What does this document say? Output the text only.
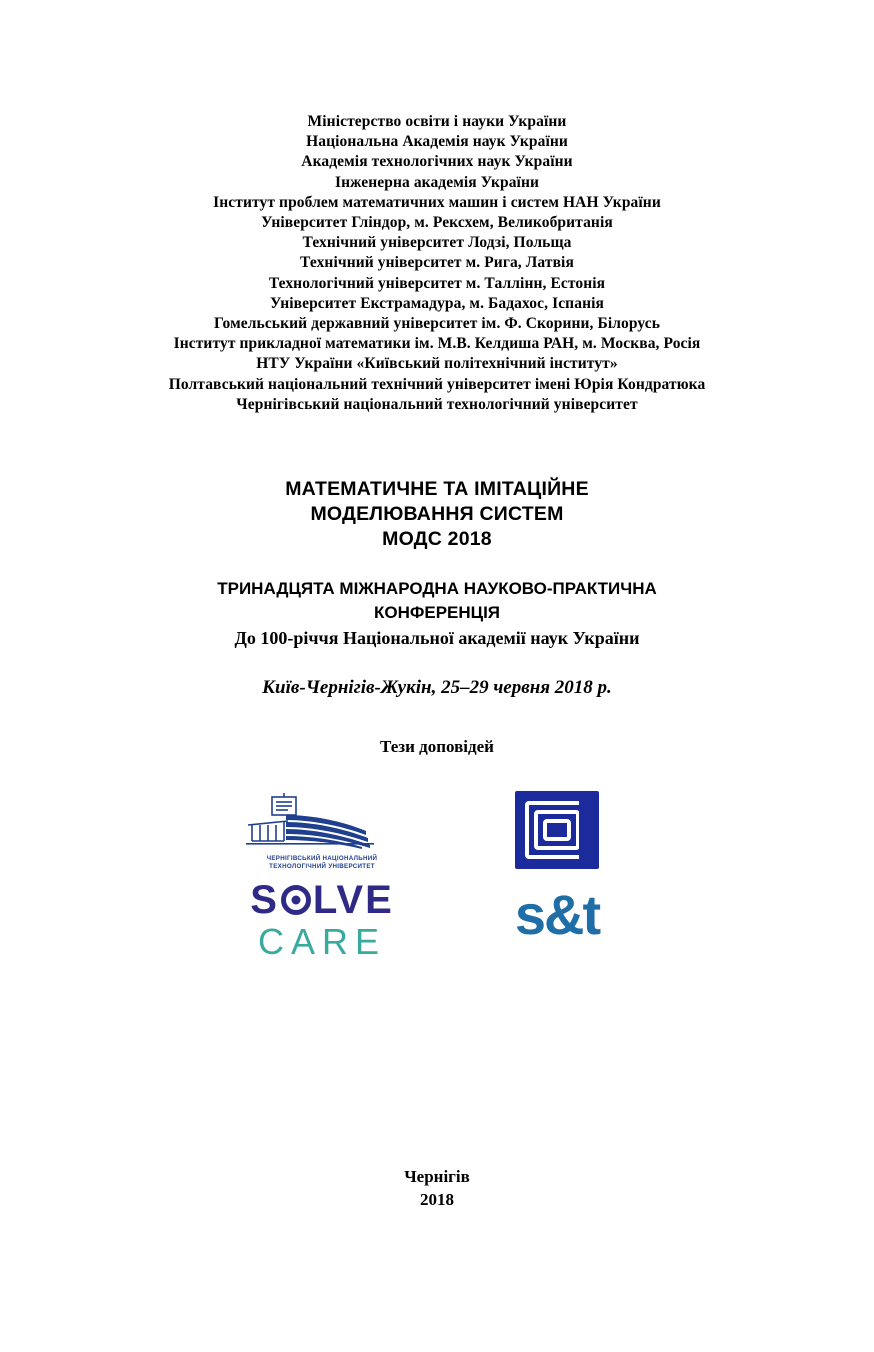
Міністерство освіти і науки України
Національна Академія наук України
Академія технологічних наук України
Інженерна академія України
Інститут проблем математичних машин і систем НАН України
Університет Гліндор, м. Рексхем, Великобританія
Технічний університет Лодзі, Польща
Технічний університет м. Рига, Латвія
Технологічний університет м. Таллінн, Естонія
Університет Екстрамадура, м. Бадахос, Іспанія
Гомельський державний університет ім. Ф. Скорини, Білорусь
Інститут прикладної математики ім. М.В. Келдиша РАН, м. Москва, Росія
НТУ України «Київський політехнічний інститут»
Полтавський національний технічний університет імені Юрія Кондратюка
Чернігівський національний технологічний університет
МАТЕМАТИЧНЕ ТА ІМІТАЦІЙНЕ
МОДЕЛЮВАННЯ СИСТЕМ
МОДС 2018
ТРИНАДЦЯТА МІЖНАРОДНА НАУКОВО-ПРАКТИЧНА
КОНФЕРЕНЦІЯ
До 100-річчя Національної академії наук України
Київ-Чернігів-Жукін, 25–29 червня 2018 р.
Тези доповідей
ЧЕРНІГІВСЬКИЙ НАЦІОНАЛЬНИЙ
ТЕХНОЛОГІЧНИЙ УНІВЕРСИТЕТ
S LVE
CARE s&t
Чернігів
2018
